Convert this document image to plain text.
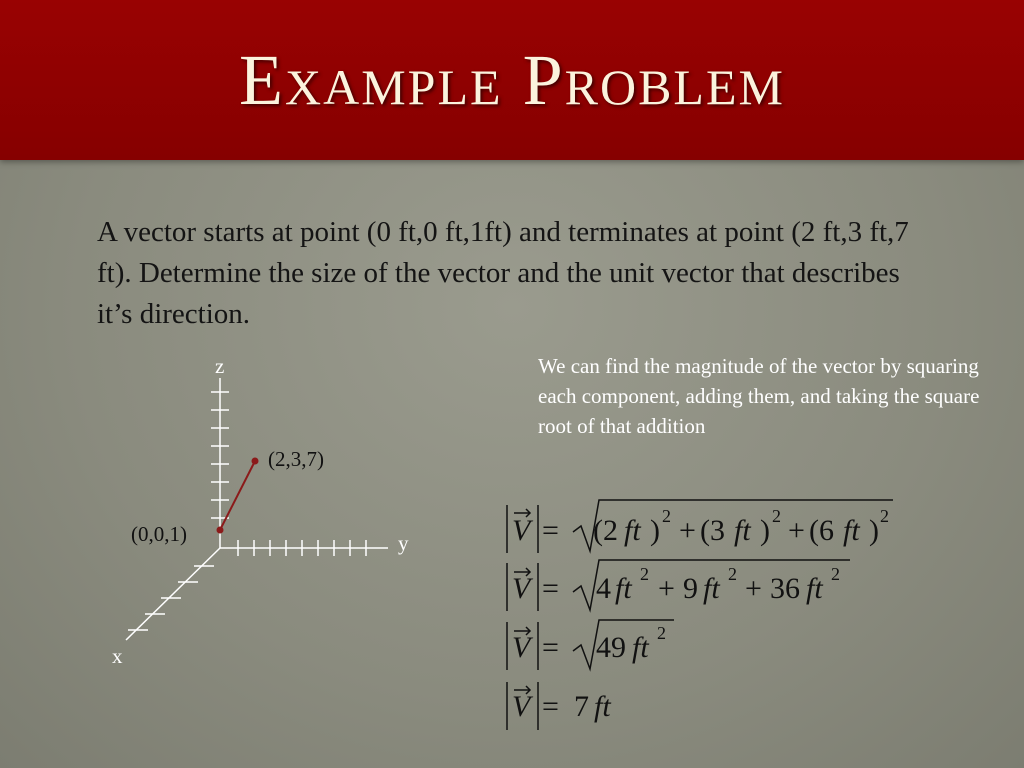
Example Problem

A vector starts at point (0 ft,0 ft,1ft) and terminates at point (2 ft,3 ft,7 ft). Determine the size of the vector and the unit vector that describes it’s direction.

We can find the magnitude of the vector by squaring each component, adding them, and taking the square root of that addition

z
y
x
(0,0,1)
(2,3,7)
V = (2 ft ) 2 + (3 ft ) 2 + (6 ft ) 2
V = 4 ft 2 + 9 ft 2 + 36 ft 2
V = 49 ft 2
V = 7 ft
